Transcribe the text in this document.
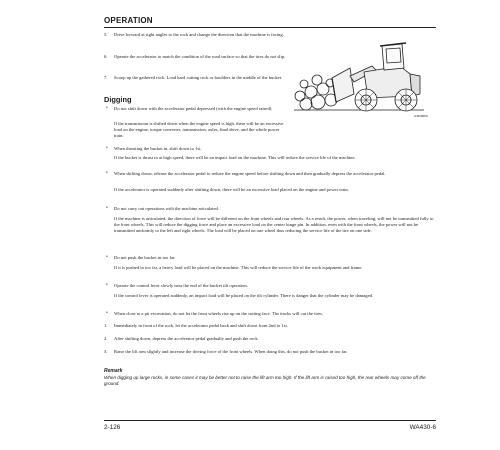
OPERATION
5. Drive forward at right angles to the rock and change the direction that the machine is facing.
6. Operate the accelerator to match the condition of the road surface so that the tires do not slip.
7. Scoop up the gathered rock. Load hard cutting rock or boulders in the middle of the bucket.
AJ000650
Digging
• Do not shift down with the accelerator pedal depressed (with the engine speed raised).
If the transmission is shifted down when the engine speed is high, there will be an excessive load on the engine, torque converter, transmission, axles, final drive, and the whole power train.
• When thrusting the bucket in, shift down to 1st.
If the bucket is thrust in at high speed, there will be an impact load on the machine. This will reduce the service life of the machine.
• When shifting down, release the accelerator pedal to reduce the engine speed before shifting down and then gradually depress the accelerator pedal.
If the accelerator is operated suddenly after shifting down, there will be an excessive load placed on the engine and power train.
• Do not carry out operations with the machine articulated.
If the machine is articulated, the direction of force will be different on the front wheels and rear wheels. As a result, the power, when traveling, will not be transmitted fully to the front wheels. This will reduce the digging force and place an excessive load on the center hinge pin. In addition, even with the front wheels, the power will not be transmitted uniformly to the left and right wheels. The load will be placed on one wheel thus reducing the service life of the tire on one side.
• Do not push the bucket in too far.
If it is pushed in too far, a heavy load will be placed on the machine. This will reduce the service life of the work equipment and frame.
• Operate the control lever slowly near the end of the bucket tilt operation.
If the control lever is operated suddenly, an impact load will be placed on the tilt cylinder. There is danger that the cylinder may be damaged.
• When close to a pit excavation, do not let the front wheels rise up on the cutting face. The tracks will cut the tires.
1. Immediately in front of the rock, let the accelerator pedal back and shift down from 2nd to 1st.
2. After shifting down, depress the accelerator pedal gradually and push the rock.
3. Raise the lift arm slightly and increase the driving force of the front wheels. When doing this, do not push the bucket in too far.
Remark
When digging up large rocks, in some cases it may be better not to raise the lift arm too high. If the lift arm is raised too high, the rear wheels may come off the ground.
2-126	WA430-6
